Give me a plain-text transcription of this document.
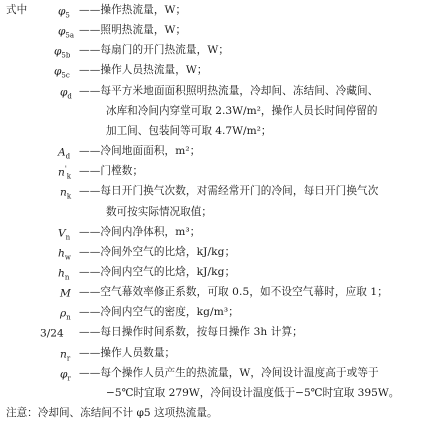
式中	$\varphi_5$ ——操作热流量，W；
$\varphi_{5a}$ ——照明热流量，W；
$\varphi_{5b}$ ——每扇门的开门热流量，W；
$\varphi_{5c}$ ——操作人员热流量，W；
$\varphi_d$ ——每平方米地面面积照明热流量，冷却间、冻结间、冷藏间、
冰库和冷间内穿堂可取 2.3W/m²，操作人员长时间停留的
加工间、包装间等可取 4.7W/m²；
$A_d$ ——冷间地面面积，m²；
$n'_k$ ——门樘数；
$n_k$ ——每日开门换气次数，对需经常开门的冷间，每日开门换气次
数可按实际情况取值；
$V_n$ ——冷间内净体积，m³；
$h_w$ ——冷间外空气的比焓，kJ/kg；
$h_n$ ——冷间内空气的比焓，kJ/kg；
M ——空气幕效率修正系数，可取 0.5，如不设空气幕时，应取 1；
$\rho_n$ ——冷间内空气的密度，kg/m³；
3/24 ——每日操作时间系数，按每日操作 3h 计算；
$n_r$ ——操作人员数量；
$\varphi_r$ ——每个操作人员产生的热流量，W，冷间设计温度高于或等于
−5℃时宜取 279W，冷间设计温度低于−5℃时宜取 395W。
注意：冷却间、冻结间不计 φ5 这项热流量。
